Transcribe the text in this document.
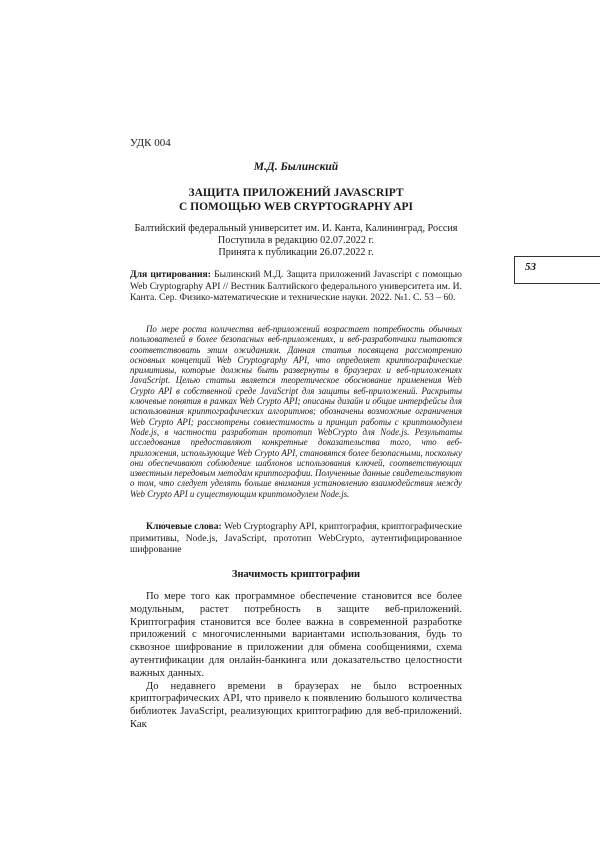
53
УДК 004
М.Д. Былинский
ЗАЩИТА ПРИЛОЖЕНИЙ JAVASCRIPT
С ПОМОЩЬЮ WEB CRYPTOGRAPHY API
Балтийский федеральный университет им. И. Канта, Калининград, Россия
Поступила в редакцию 02.07.2022 г.
Принята к публикации 26.07.2022 г.
Для цитирования: Былинский М.Д. Защита приложений Javascript с помощью Web Cryptography API // Вестник Балтийского федерального университета им. И. Канта. Сер. Физико-математические и технические науки. 2022. №1. С. 53 – 60.
По мере роста количества веб-приложений возрастает потребность обычных пользователей в более безопасных веб-приложениях, и веб-разработчики пытаются соответствовать этим ожиданиям. Данная статья посвящена рассмотрению основных концепций Web Cryptography API, что определяет криптографические примитивы, которые должны быть развернуты в браузерах и веб-приложениях JavaScript. Целью статьи является теоретическое обоснование применения Web Crypto API в собственной среде JavaScript для защиты веб-приложений. Раскрыты ключевые понятия в рамках Web Crypto API; описаны дизайн и общие интерфейсы для использования криптографических алгоритмов; обозначены возможные ограничения Web Crypto API; рассмотрены совместимость и принцип работы с криптомодулем Node.js, в частности разработан прототип WebCrypto для Node.js. Результаты исследования предоставляют конкретные доказательства того, что веб-приложения, использующие Web Crypto API, становятся более безопасными, поскольку они обеспечивают соблюдение шаблонов использования ключей, соответствующих известным передовым методам криптографии. Полученные данные свидетельствуют о том, что следует уделять больше внимания установлению взаимодействия между Web Crypto API и существующим криптомодулем Node.js.
Ключевые слова: Web Cryptography API, криптография, криптографические примитивы, Node.js, JavaScript, прототип WebCrypto, аутентифицированное шифрование
Значимость криптографии

По мере того как программное обеспечение становится все более модульным, растет потребность в защите веб-приложений. Криптография становится все более важна в современной разработке приложений с многочисленными вариантами использования, будь то сквозное шифрование в приложении для обмена сообщениями, схема аутентификации для онлайн-банкинга или доказательство целостности важных данных.

До недавнего времени в браузерах не было встроенных криптографических API, что привело к появлению большого количества библиотек JavaScript, реализующих криптографию для веб-приложений. Как
